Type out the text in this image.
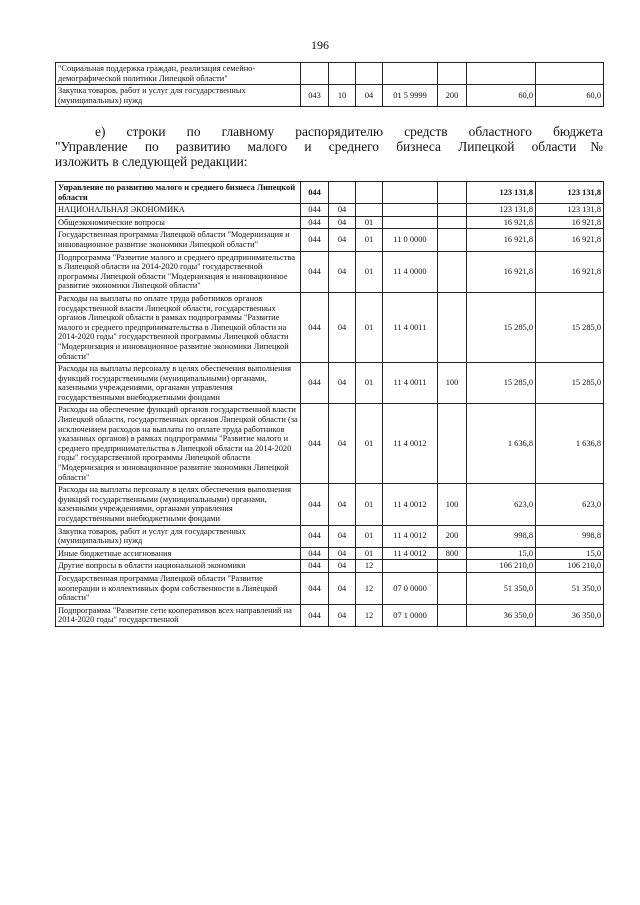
196
"Социальная поддержка граждан, реализация семейно-демографической политики Липецкой области"							
Закупка товаров, работ и услуг для государственных (муниципальных) нужд	043	10	04	01 5 9999	200	60,0	60,0

е) строки по главному распорядителю средств областного бюджета

"Управление по развитию малого и среднего бизнеса Липецкой области№

изложить в следующей редакции:

Управление по развитию малого и среднего бизнеса Липецкой области	044					123 131,8	123 131,8
НАЦИОНАЛЬНАЯ ЭКОНОМИКА	044	04				123 131,8	123 131,8
Общеэкономические вопросы	044	04	01			16 921,8	16 921,8
Государственная программа Липецкой области "Модернизация и инновационное развитие экономики Липецкой области"	044	04	01	11 0 0000		16 921,8	16 921,8
Подпрограмма "Развитие малого и среднего предпринимательства в Липецкой области на 2014-2020 годы" государственной программы Липецкой области "Модернизация и инновационное развитие экономики Липецкой области"	044	04	01	11 4 0000		16 921,8	16 921,8
Расходы на выплаты по оплате труда работников органов государственной власти Липецкой области, государственных органов Липецкой области в рамках подпрограммы "Развитие малого и среднего предпринимательства в Липецкой области на 2014-2020 годы" государственной программы Липецкой области "Модернизация и инновационное развитие экономики Липецкой области"	044	04	01	11 4 0011		15 285,0	15 285,0
Расходы на выплаты персоналу в целях обеспечения выполнения функций государственными (муниципальными) органами, казенными учреждениями, органами управления государственными внебюджетными фондами	044	04	01	11 4 0011	100	15 285,0	15 285,0
Расходы на обеспечение функций органов государственной власти Липецкой области, государственных органов Липецкой области (за исключением расходов на выплаты по оплате труда работников указанных органов) в рамках подпрограммы "Развитие малого и среднего предпринимательства в Липецкой области на 2014-2020 годы" государственной программы Липецкой области "Модернизация и инновационное развитие экономики Липецкой области"	044	04	01	11 4 0012		1 636,8	1 636,8
Расходы на выплаты персоналу в целях обеспечения выполнения функций государственными (муниципальными) органами, казенными учреждениями, органами управления государственными внебюджетными фондами	044	04	01	11 4 0012	100	623,0	623,0
Закупка товаров, работ и услуг для государственных (муниципальных) нужд	044	04	01	11 4 0012	200	998,8	998,8
Иные бюджетные ассигнования	044	04	01	11 4 0012	800	15,0	15,0
Другие вопросы в области национальной экономики	044	04	12			106 210,0	106 210,0
Государственная программа Липецкой области "Развитие кооперации и коллективных форм собственности в Липецкой области"	044	04	12	07 0 0000		51 350,0	51 350,0
Подпрограмма "Развитие сети кооперативов всех направлений на 2014-2020 годы" государственной	044	04	12	07 1 0000		36 350,0	36 350,0
